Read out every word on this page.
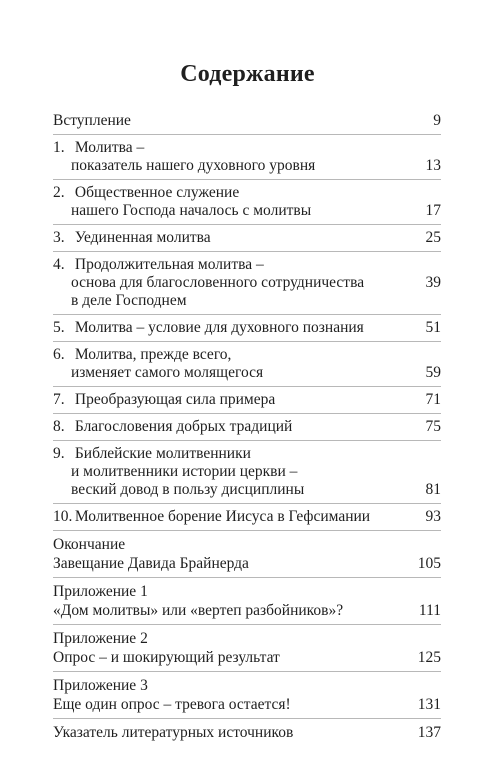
Содержание
Вступление	9
1. Молитва –
показатель нашего духовного уровня	13
2. Общественное служение
нашего Господа началось с молитвы	17
3. Уединенная молитва	25
4. Продолжительная молитва –
основа для благословенного сотрудничества	39
в деле Господнем
5. Молитва – условие для духовного познания	51
6. Молитва, прежде всего,
изменяет самого молящегося	59
7. Преобразующая сила примера	71
8. Благословения добрых традиций	75
9. Библейские молитвенники
и молитвенники истории церкви –
веский довод в пользу дисциплины	81
10. Молитвенное борение Иисуса в Гефсимании	93
Окончание
Завещание Давида Брайнерда	105
Приложение 1
«Дом молитвы» или «вертеп разбойников»?	111
Приложение 2
Опрос – и шокирующий результат	125
Приложение 3
Еще один опрос – тревога остается!	131
Указатель литературных источников	137
